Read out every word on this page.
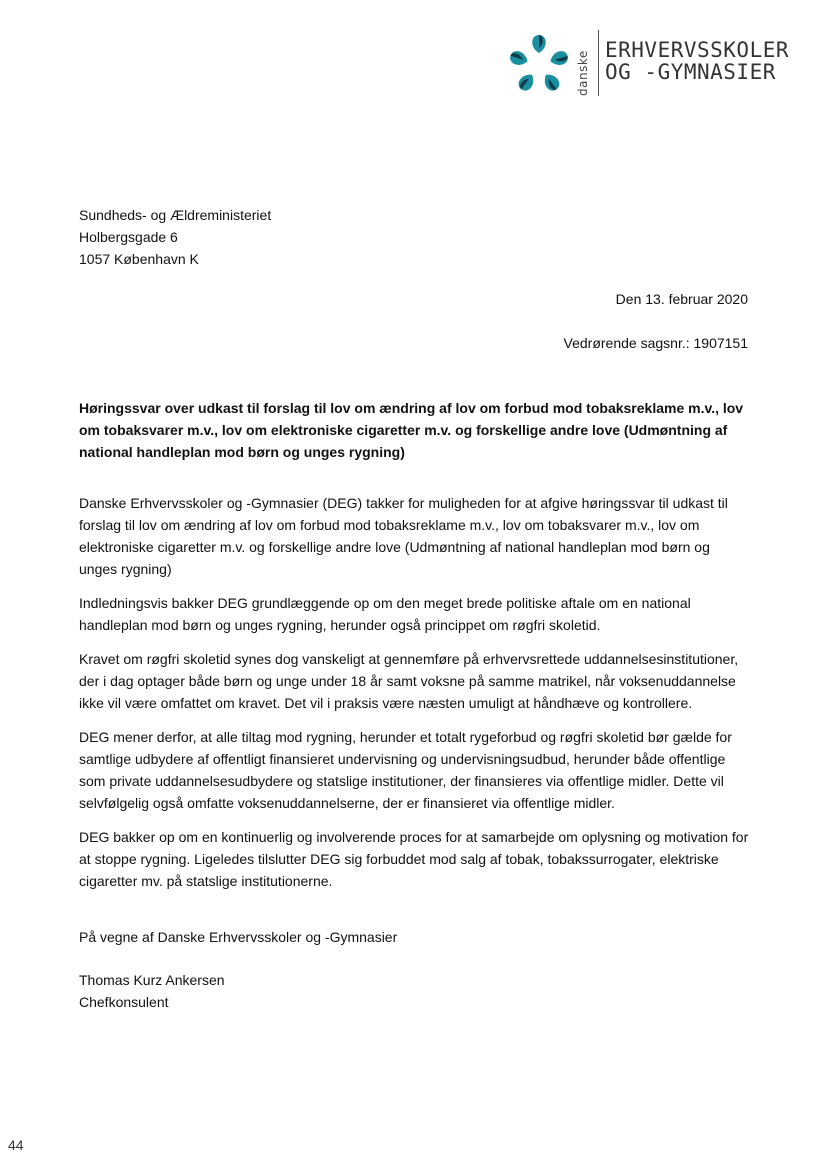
danske
ERHVERVSSKOLER
OG -GYMNASIER

Sundheds- og Ældreministeriet

Holbergsgade 6

1057 København K

Den 13. februar 2020
Vedrørende sagsnr.: 1907151
Høringssvar over udkast til forslag til lov om ændring af lov om forbud mod tobaksreklame m.v., lov om tobaksvarer m.v., lov om elektroniske cigaretter m.v. og forskellige andre love (Udmøntning af national handleplan mod børn og unges rygning)

Danske Erhvervsskoler og -Gymnasier (DEG) takker for muligheden for at afgive høringssvar til udkast til forslag til lov om ændring af lov om forbud mod tobaksreklame m.v., lov om tobaksvarer m.v., lov om elektroniske cigaretter m.v. og forskellige andre love (Udmøntning af national handleplan mod børn og unges rygning)

Indledningsvis bakker DEG grundlæggende op om den meget brede politiske aftale om en national handleplan mod børn og unges rygning, herunder også princippet om røgfri skoletid.

Kravet om røgfri skoletid synes dog vanskeligt at gennemføre på erhvervsrettede uddannelsesinstitutioner, der i dag optager både børn og unge under 18 år samt voksne på samme matrikel, når voksenuddannelse ikke vil være omfattet om kravet. Det vil i praksis være næsten umuligt at håndhæve og kontrollere.

DEG mener derfor, at alle tiltag mod rygning, herunder et totalt rygeforbud og røgfri skoletid bør gælde for samtlige udbydere af offentligt finansieret undervisning og undervisningsudbud, herunder både offentlige som private uddannelsesudbydere og statslige institutioner, der finansieres via offentlige midler. Dette vil selvfølgelig også omfatte voksenuddannelserne, der er finansieret via offentlige midler.

DEG bakker op om en kontinuerlig og involverende proces for at samarbejde om oplysning og motivation for at stoppe rygning. Ligeledes tilslutter DEG sig forbuddet mod salg af tobak, tobakssurrogater, elektriske cigaretter mv. på statslige institutionerne.

På vegne af Danske Erhvervsskoler og -Gymnasier

Thomas Kurz Ankersen

Chefkonsulent

44
